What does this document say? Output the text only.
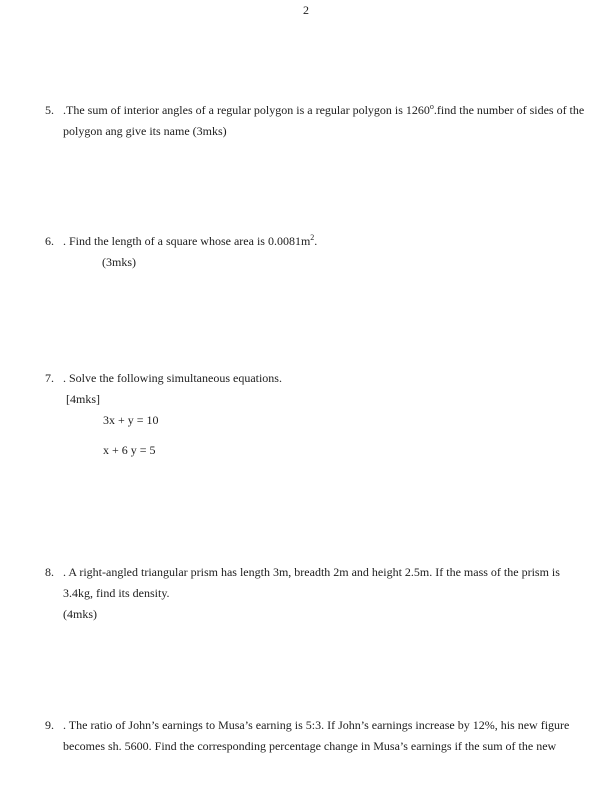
2
5. .The sum of interior angles of a regular polygon is a regular polygon is 1260$^o$.find the number of sides of the
polygon ang give its name (3mks)
6. . Find the length of a square whose area is $0.0081m^2$.
(3mks)
7. . Solve the following simultaneous equations.
[4mks]
3x + y = 10
x + 6 y = 5
8. . A right-angled triangular prism has length 3m, breadth 2m and height 2.5m. If the mass of the prism is
3.4kg, find its density.
(4mks)
9. . The ratio of John’s earnings to Musa’s earning is 5:3. If John’s earnings increase by 12%, his new figure
becomes sh. 5600. Find the corresponding percentage change in Musa’s earnings if the sum of the new
